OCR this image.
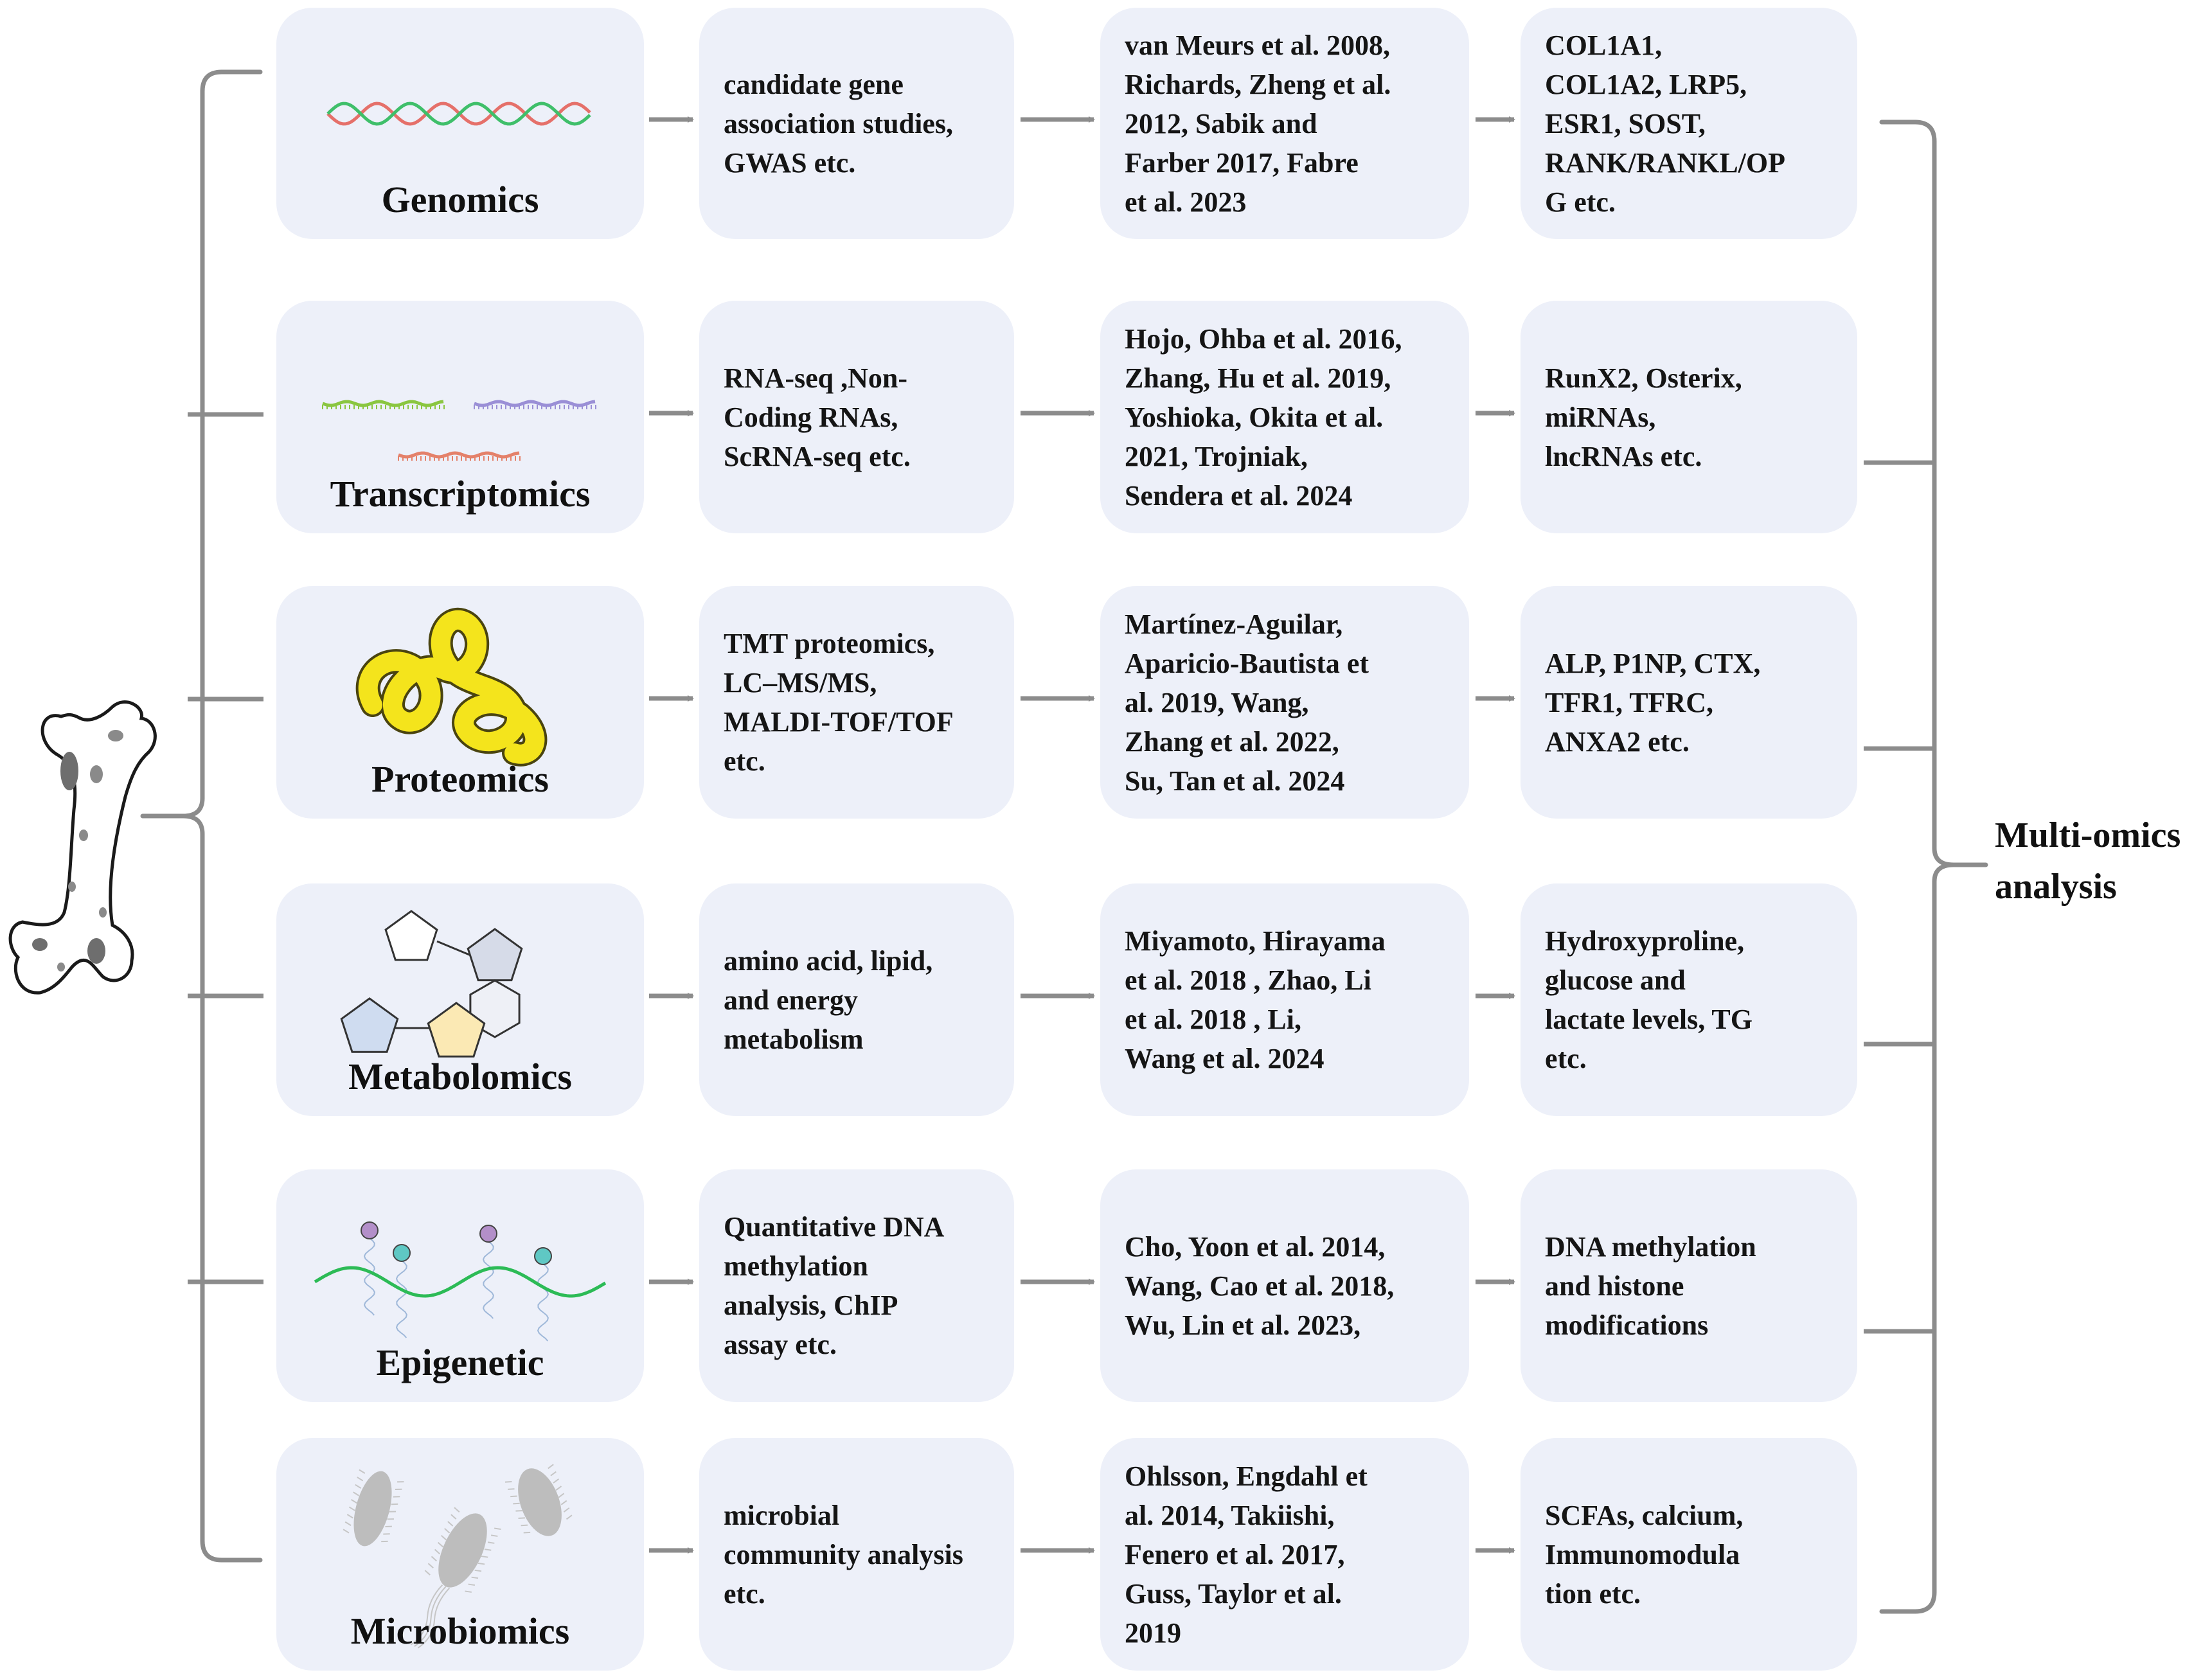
Genomics
candidate gene
association studies,
GWAS etc.
van Meurs et al. 2008,
Richards, Zheng et al.
2012, Sabik and
Farber 2017, Fabre
et al. 2023
COL1A1,
COL1A2, LRP5,
ESR1, SOST,
RANK/RANKL/OP
G etc.
Transcriptomics
RNA-seq ,Non-
Coding RNAs,
ScRNA-seq etc.
Hojo, Ohba et al. 2016,
Zhang, Hu et al. 2019,
Yoshioka, Okita et al.
2021, Trojniak,
Sendera et al. 2024
RunX2, Osterix,
miRNAs,
lncRNAs etc.
Proteomics
TMT proteomics,
LC–MS/MS,
MALDI-TOF/TOF
etc.
Martínez-Aguilar,
Aparicio-Bautista et
al. 2019, Wang,
Zhang et al. 2022,
Su, Tan et al. 2024
ALP, P1NP, CTX,
TFR1, TFRC,
ANXA2 etc.
Metabolomics
amino acid, lipid,
and energy
metabolism
Miyamoto, Hirayama
et al. 2018 , Zhao, Li
et al. 2018 , Li,
Wang et al. 2024
Hydroxyproline,
glucose and
lactate levels, TG
etc.
Epigenetic
Quantitative DNA
methylation
analysis, ChIP
assay etc.
Cho, Yoon et al. 2014,
Wang, Cao et al. 2018,
Wu, Lin et al. 2023,
DNA methylation
and histone
modifications
Microbiomics
microbial
community analysis
etc.
Ohlsson, Engdahl et
al. 2014, Takiishi,
Fenero et al. 2017,
Guss, Taylor et al.
2019
SCFAs, calcium,
Immunomodula
tion etc.
Multi-omics
analysis
